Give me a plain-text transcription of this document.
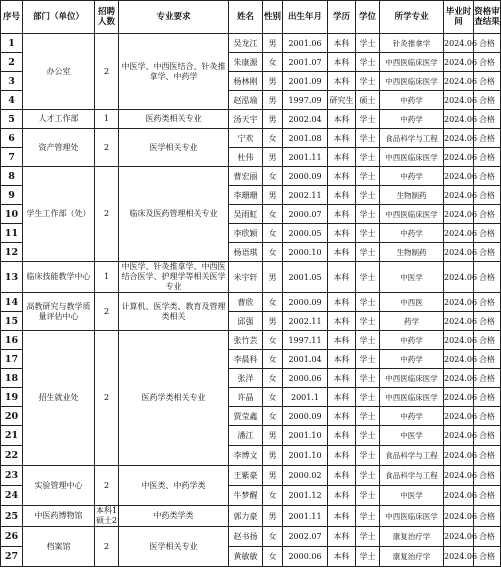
序号	部门（单位）	招聘人数	专业要求	姓名	性别	出生年月	学历	学位	所学专业	毕业时间	资格审查结果
1	办公室	2	中医学、中西医结合、针灸推拿学、中药学	吴龙江	男	2001.06	本科	学士	针灸推拿学	2024.06	合格
2				朱康源	女	2001.07	本科	学士	中西医临床医学	2024.06	合格
3				杨林刚	男	2001.09	本科	学士	中西医临床医学	2024.06	合格
4				赵泓瑜	男	1997.09	研究生	硕士	中药学	2024.06	合格
5	人才工作部	1	医药类相关专业	汤天宇	男	2002.04	本科	学士	中药学	2024.06	合格
6	资产管理处	2	医学相关专业	宁欢	女	2001.08	本科	学士	食品科学与工程	2024.06	合格
7				杜伟	男	2001.11	本科	学士	中西医临床医学	2024.06	合格
8	学生工作部（处）	2	临床及医药管理相关专业	曹宏丽	女	2000.09	本科	学士	中药学	2024.06	合格
9				李珊珊	男	2002.11	本科	学士	生物制药	2024.06	合格
10				吴雨虹	女	2000.07	本科	学士	中西医临床医学	2024.06	合格
11				李欣颖	女	2000.05	本科	学士	中药学	2024.06	合格
12				杨语琪	女	2000.10	本科	学士	生物制药	2024.06	合格
13	临床技能教学中心	1	中医学、针灸推拿学、中西医结合医学、护理学等相关医学专业	米宇轩	男	2001.05	本科	学士	中医学	2024.06	合格
14	高教研究与教学质量评估中心	2	计算机、医学类、教育及管理类相关	曹欣	女	2000.09	本科	学士	中西医	2024.06	合格
15				邱强	男	2002.11	本科	学士	药学	2024.06	合格
16	招生就业处	2	医药学类相关专业	张竹芸	女	1997.11	本科	学士	中药学	2024.06	合格
17				李晨科	女	2001.04	本科	学士	中药学	2024.06	合格
18				张洋	女	2000.06	本科	学士	中西医临床医学	2024.06	合格
19				许晶	女	2001.1	本科	学士	中西医临床医学	2024.06	合格
20				贾莹鑫	女	2000.09	本科	学士	中药学	2024.06	合格
21				潘江	男	2001.10	本科	学士	中医学	2024.06	合格
22				李博文	男	2001.10	本科	学士	食品科学与工程	2024.06	合格
23	实验管理中心	2	中医类、中药学类	王紫豪	男	2000.02	本科	学士	食品科学与工程	2024.06	合格
24				牛梦醒	女	2001.12	本科	学士	中医学	2024.06	合格
25	中医药博物馆	本科1硕士2	中药类学类	郭力豪	男	2001.11	本科	学士	中西医临床医学	2024.06	合格
26	档案馆	2	医学相关专业	赵书扬	女	2002.07	本科	学士	康复治疗学	2024.06	合格
27				黄敏敏	女	2000.06	本科	学士	康复治疗学	2024.06	合格
